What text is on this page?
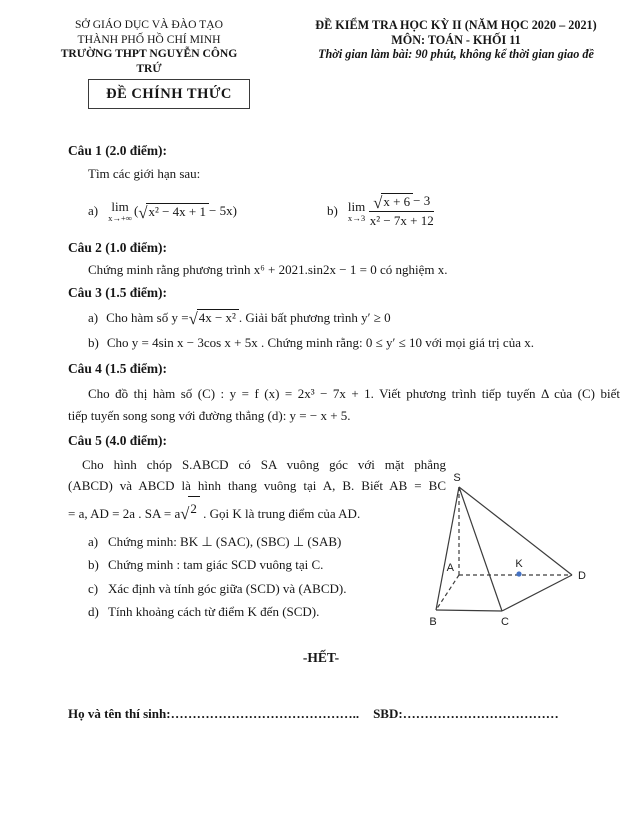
SỞ GIÁO DỤC VÀ ĐÀO TẠO
THÀNH PHỐ HỒ CHÍ MINH
TRƯỜNG THPT NGUYỄN CÔNG TRỨ
ĐỀ KIỂM TRA HỌC KỲ II (NĂM HỌC 2020 – 2021)
MÔN: TOÁN - KHỐI 11
Thời gian làm bài: 90 phút, không kể thời gian giao đề
ĐỀ CHÍNH THỨC
Câu 1 (2.0 điểm):
Tìm các giới hạn sau:
a) lim
x→+∞ ( √ x² − 4x + 1 − 5x)	b) lim
$x\to 3 \frac{√ x + 6 - 3}{\text{x² − 7x + 12}}$
Câu 2 (1.0 điểm):
Chứng minh rằng phương trình x⁶ + 2021.sin2x − 1 = 0 có nghiệm x.
Câu 3 (1.5 điểm):
a) Cho hàm số y = √ 4x − x² . Giải bất phương trình y′ ≥ 0
b) Cho y = 4sin x − 3cos x + 5x . Chứng minh rằng: 0 ≤ y′ ≤ 10 với mọi giá trị của x.
Câu 4 (1.5 điểm):
Cho đồ thị hàm số (C) : y = f (x) = 2x³ − 7x + 1. Viết phương trình tiếp tuyến Δ của (C) biết
tiếp tuyến song song với đường thẳng (d): y = − x + 5.
Câu 5 (4.0 điểm):
Cho hình chóp S.ABCD có SA vuông góc với mặt phẳng
(ABCD) và ABCD là hình thang vuông tại A, B. Biết AB = BC
= a, AD = 2a . SA = a √ 2 . Gọi K là trung điểm của AD.
a) Chứng minh: BK ⊥ (SAC), (SBC) ⊥ (SAB)
b) Chứng minh : tam giác SCD vuông tại C.
c) Xác định và tính góc giữa (SCD) và (ABCD).
d) Tính khoảng cách từ điểm K đến (SCD).
S
A
B	C
D
K
-HẾT-
Họ và tên thí sinh:…………………………………….. SBD:………………………………
